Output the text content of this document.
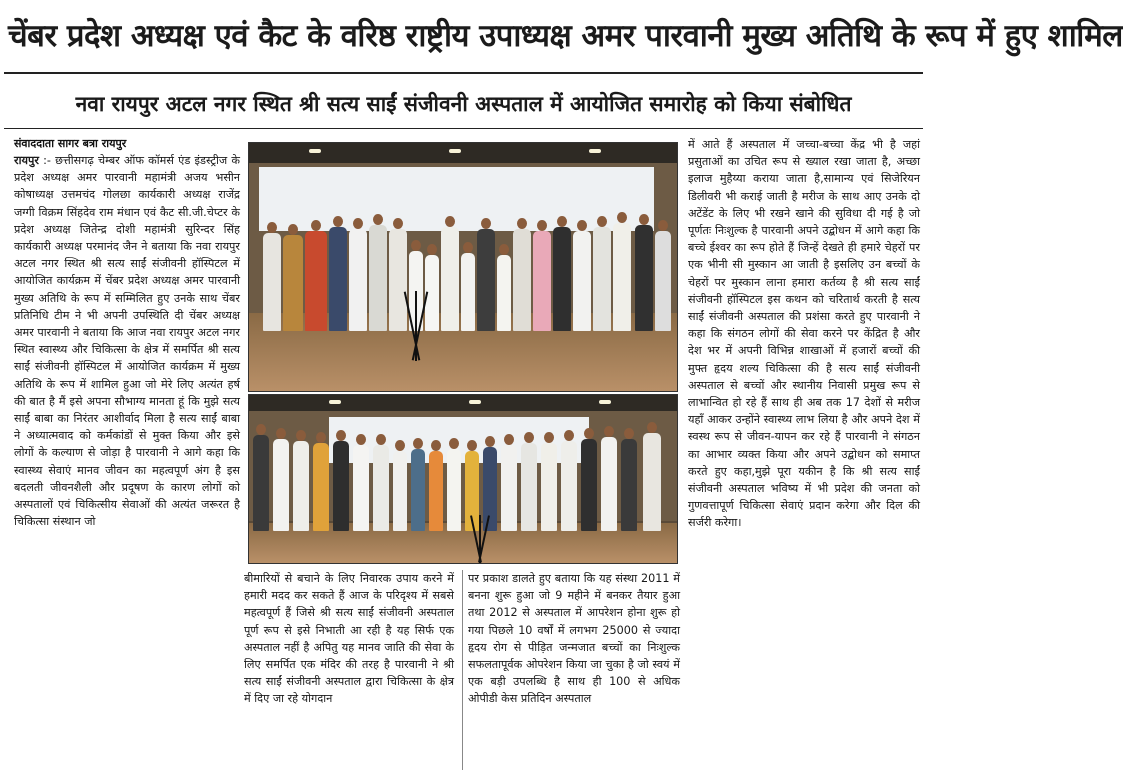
चेंबर प्रदेश अध्यक्ष एवं कैट के वरिष्ठ राष्ट्रीय उपाध्यक्ष अमर पारवानी मुख्य अतिथि के रूप में हुए शामिल
नवा रायपुर अटल नगर स्थित श्री सत्य साईं संजीवनी अस्पताल में आयोजित समारोह को किया संबोधित
संवाददाता सागर बत्रा रायपुर

रायपुर :- छत्तीसगढ़ चेम्बर ऑफ कॉमर्स एंड इंडस्ट्रीज के प्रदेश अध्यक्ष अमर पारवानी महामंत्री अजय भसीन कोषाध्यक्ष उत्तमचंद गोलछा कार्यकारी अध्यक्ष राजेंद्र जग्गी विक्रम सिंहदेव राम मंधान एवं कैट सी.जी.चेप्टर के प्रदेश अध्यक्ष जितेन्द्र दोशी महामंत्री सुरिन्दर सिंह कार्यकारी अध्यक्ष परमानंद जैन ने बताया कि नवा रायपुर अटल नगर स्थित श्री सत्य साईं संजीवनी हॉस्पिटल में आयोजित कार्यक्रम में चेंबर प्रदेश अध्यक्ष अमर पारवानी मुख्य अतिथि के रूप में सम्मिलित हुए उनके साथ चेंबर प्रतिनिधि टीम ने भी अपनी उपस्थिति दी चेंबर अध्यक्ष अमर पारवानी ने बताया कि आज नवा रायपुर अटल नगर स्थित स्वास्थ्य और चिकित्सा के क्षेत्र में समर्पित श्री सत्य साईं संजीवनी हॉस्पिटल में आयोजित कार्यक्रम में मुख्य अतिथि के रूप में शामिल हुआ जो मेरे लिए अत्यंत हर्ष की बात है मैं इसे अपना सौभाग्य मानता हूं कि मुझे सत्य साईं बाबा का निरंतर आशीर्वाद मिला है सत्य साईं बाबा ने अध्यात्मवाद को कर्मकांडों से मुक्त किया और इसे लोगों के कल्याण से जोड़ा है पारवानी ने आगे कहा कि स्वास्थ्य सेवाएं मानव जीवन का महत्वपूर्ण अंग है इस बदलती जीवनशैली और प्रदूषण के कारण लोगों को अस्पतालों एवं चिकित्सीय सेवाओं की अत्यंत जरूरत है चिकित्सा संस्थान जो

बीमारियों से बचाने के लिए निवारक उपाय करने में हमारी मदद कर सकते हैं आज के परिदृश्य में सबसे महत्वपूर्ण हैं जिसे श्री सत्य साईं संजीवनी अस्पताल पूर्ण रूप से इसे निभाती आ रही है यह सिर्फ एक अस्पताल नहीं है अपितु यह मानव जाति की सेवा के लिए समर्पित एक मंदिर की तरह है पारवानी ने श्री सत्य साईं संजीवनी अस्पताल द्वारा चिकित्सा के क्षेत्र में दिए जा रहे योगदान

पर प्रकाश डालते हुए बताया कि यह संस्था 2011 में बनना शुरू हुआ जो 9 महीने में बनकर तैयार हुआ तथा 2012 से अस्पताल में आपरेशन होना शुरू हो गया पिछले 10 वर्षों में लगभग 25000 से ज्यादा हृदय रोग से पीड़ित जन्मजात बच्चों का निःशुल्क सफलतापूर्वक ओपरेशन किया जा चुका है जो स्वयं में एक बड़ी उपलब्धि है साथ ही 100 से अधिक ओपीडी केस प्रतिदिन अस्पताल

में आते हैं अस्पताल में जच्चा-बच्चा केंद्र भी है जहां प्रसुताओं का उचित रूप से ख्याल रखा जाता है, अच्छा इलाज मुहैय्या कराया जाता है,सामान्य एवं सिजेरियन डिलीवरी भी कराई जाती है मरीज के साथ आए उनके दो अटेंडेंट के लिए भी रखने खाने की सुविधा दी गई है जो पूर्णतः निःशुल्क है पारवानी अपने उद्बोधन में आगे कहा कि बच्चे ईश्वर का रूप होते हैं जिन्हें देखते ही हमारे चेहरों पर एक भीनी सी मुस्कान आ जाती है इसलिए उन बच्चों के चेहरों पर मुस्कान लाना हमारा कर्तव्य है श्री सत्य साईं संजीवनी हॉस्पिटल इस कथन को चरितार्थ करती है सत्य साईं संजीवनी अस्पताल की प्रशंसा करते हुए पारवानी ने कहा कि संगठन लोगों की सेवा करने पर केंद्रित है और देश भर में अपनी विभिन्न शाखाओं में हजारों बच्चों की मुफ्त हृदय शल्य चिकित्सा की है सत्य साईं संजीवनी अस्पताल से बच्चों और स्थानीय निवासी प्रमुख रूप से लाभान्वित हो रहे हैं साथ ही अब तक 17 देशों से मरीज यहाँ आकर उन्होंने स्वास्थ्य लाभ लिया है और अपने देश में स्वस्थ रूप से जीवन-यापन कर रहे हैं पारवानी ने संगठन का आभार व्यक्त किया और अपने उद्बोधन को समाप्त करते हुए कहा,मुझे पूरा यकीन है कि श्री सत्य साईं संजीवनी अस्पताल भविष्य में भी प्रदेश की जनता को गुणवत्तापूर्ण चिकित्सा सेवाएं प्रदान करेगा और दिल की सर्जरी करेगा।
